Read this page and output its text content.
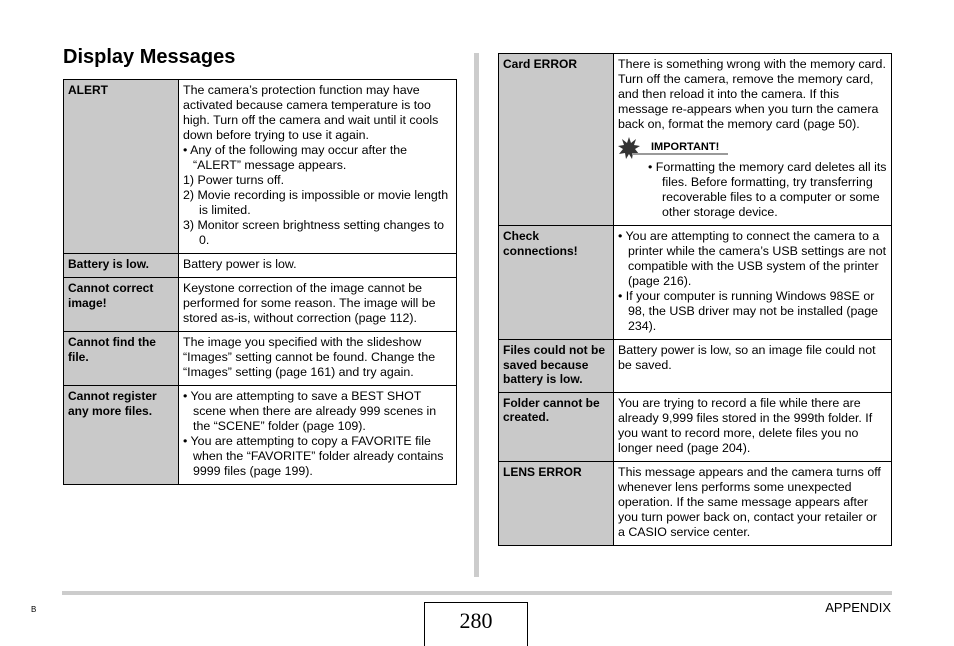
Display Messages
ALERT	The camera’s protection function may have activated because camera temperature is too high. Turn off the camera and wait until it cools down before trying to use it again.

• Any of the following may occur after the “ALERT” message appears.

1) Power turns off.

2) Movie recording is impossible or movie length is limited.

3) Monitor screen brightness setting changes to 0.

Battery is low.	Battery power is low.
Cannot correct image!	Keystone correction of the image cannot be performed for some reason. The image will be stored as-is, without correction (page 112).
Cannot find the file.	The image you specified with the slideshow “Images” setting cannot be found. Change the “Images” setting (page 161) and try again.
Cannot register any more files.	• You are attempting to save a BEST SHOT scene when there are already 999 scenes in the “SCENE” folder (page 109).

• You are attempting to copy a FAVORITE file when the “FAVORITE” folder already contains 9999 files (page 199).

Card ERROR	There is something wrong with the memory card. Turn off the camera, remove the memory card, and then reload it into the camera. If this message re-appears when you turn the camera back on, format the memory card (page 50).

IMPORTANT!

• Formatting the memory card deletes all its files. Before formatting, try transferring recoverable files to a computer or some other storage device.

Check connections!	• You are attempting to connect the camera to a printer while the camera’s USB settings are not compatible with the USB system of the printer (page 216).

• If your computer is running Windows 98SE or 98, the USB driver may not be installed (page 234).

Files could not be saved because battery is low.	Battery power is low, so an image file could not be saved.
Folder cannot be created.	You are trying to record a file while there are already 9,999 files stored in the 999th folder. If you want to record more, delete files you no longer need (page 204).
LENS ERROR	This message appears and the camera turns off whenever lens performs some unexpected operation. If the same message appears after you turn power back on, contact your retailer or a CASIO service center.
B	280
APPENDIX
